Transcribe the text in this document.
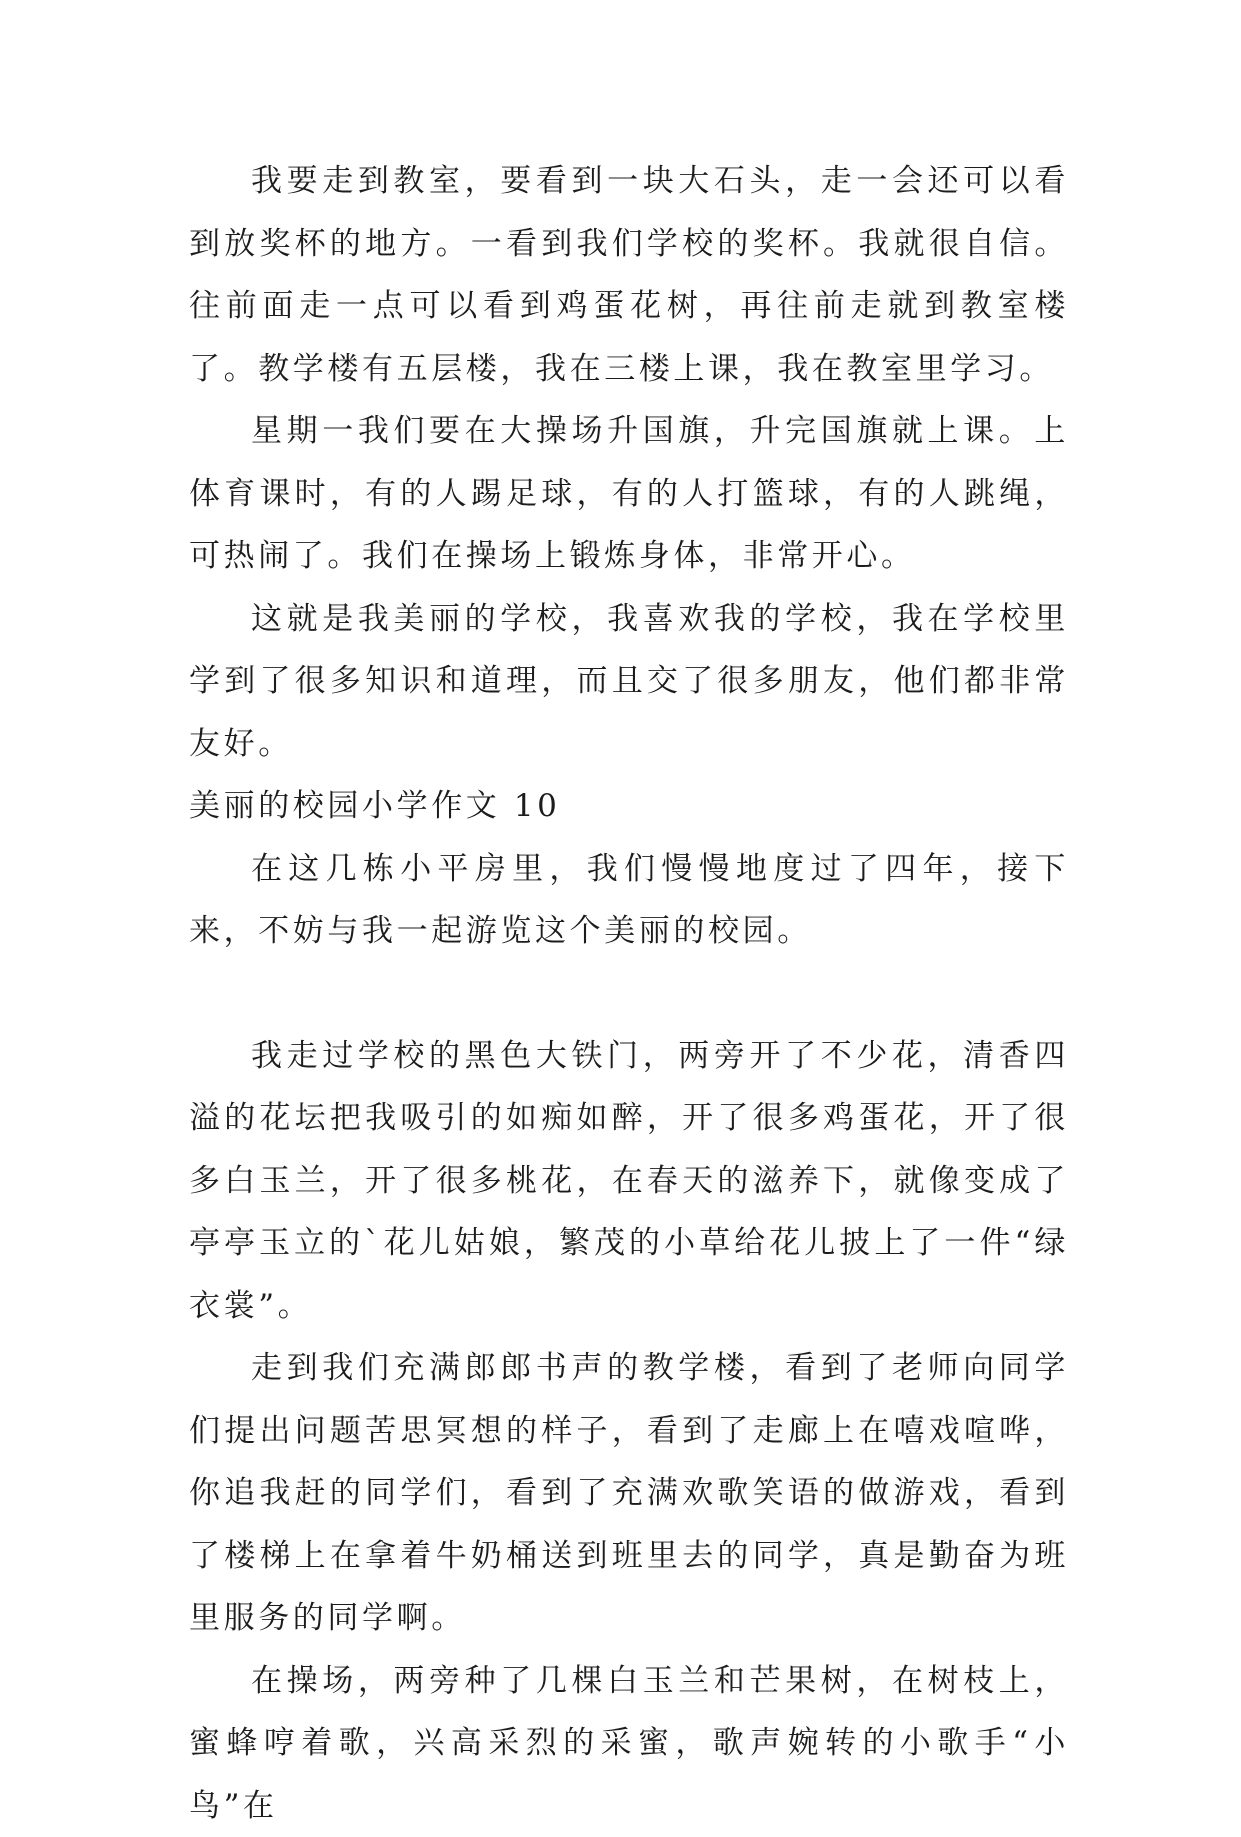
我要走到教室，要看到一块大石头，走一会还可以看到放奖杯的地方。一看到我们学校的奖杯。我就很自信。往前面走一点可以看到鸡蛋花树，再往前走就到教室楼了。教学楼有五层楼，我在三楼上课，我在教室里学习。

星期一我们要在大操场升国旗，升完国旗就上课。上体育课时，有的人踢足球，有的人打篮球，有的人跳绳，可热闹了。我们在操场上锻炼身体，非常开心。

这就是我美丽的学校，我喜欢我的学校，我在学校里学到了很多知识和道理，而且交了很多朋友，他们都非常友好。

美丽的校园小学作文 10

在这几栋小平房里，我们慢慢地度过了四年，接下来，不妨与我一起游览这个美丽的校园。

我走过学校的黑色大铁门，两旁开了不少花，清香四溢的花坛把我吸引的如痴如醉，开了很多鸡蛋花，开了很多白玉兰，开了很多桃花，在春天的滋养下，就像变成了亭亭玉立的`花儿姑娘，繁茂的小草给花儿披上了一件“绿衣裳”。

走到我们充满郎郎书声的教学楼，看到了老师向同学们提出问题苦思冥想的样子，看到了走廊上在嘻戏喧哗，你追我赶的同学们，看到了充满欢歌笑语的做游戏，看到了楼梯上在拿着牛奶桶送到班里去的同学，真是勤奋为班里服务的同学啊。

在操场，两旁种了几棵白玉兰和芒果树，在树枝上，蜜蜂哼着歌，兴高采烈的采蜜，歌声婉转的小歌手“小鸟”在
